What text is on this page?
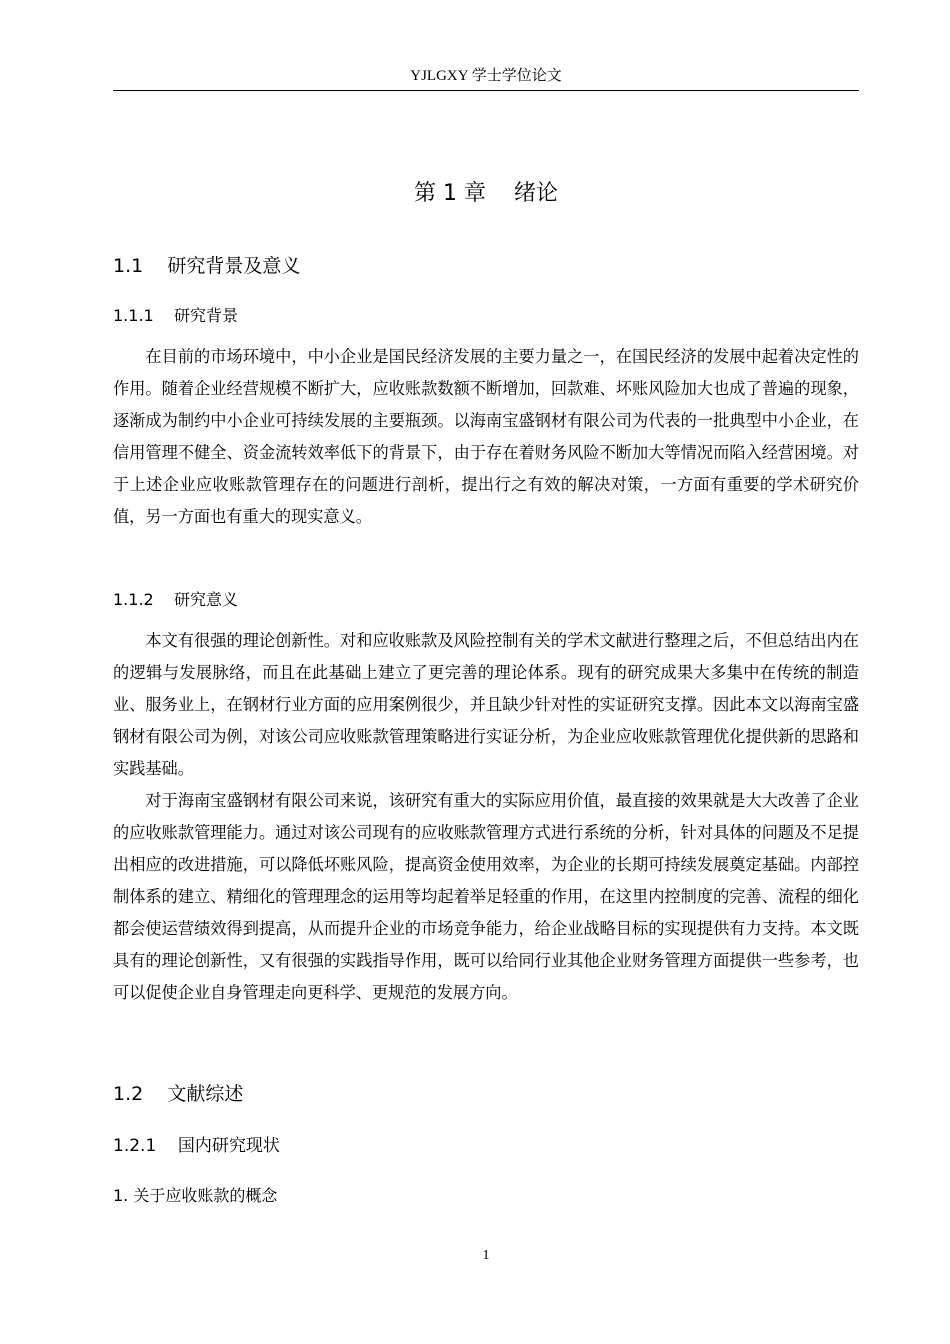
YJLGXY 学士学位论文
第 1 章    绪论
1.1    研究背景及意义
1.1.1    研究背景

在目前的市场环境中，中小企业是国民经济发展的主要力量之一，在国民经济的发展中起着决定性的作用。随着企业经营规模不断扩大，应收账款数额不断增加，回款难、坏账风险加大也成了普遍的现象，逐渐成为制约中小企业可持续发展的主要瓶颈。以海南宝盛钢材有限公司为代表的一批典型中小企业，在信用管理不健全、资金流转效率低下的背景下，由于存在着财务风险不断加大等情况而陷入经营困境。对于上述企业应收账款管理存在的问题进行剖析，提出行之有效的解决对策，一方面有重要的学术研究价值，另一方面也有重大的现实意义。

1.1.2    研究意义

本文有很强的理论创新性。对和应收账款及风险控制有关的学术文献进行整理之后，不但总结出内在的逻辑与发展脉络，而且在此基础上建立了更完善的理论体系。现有的研究成果大多集中在传统的制造业、服务业上，在钢材行业方面的应用案例很少，并且缺少针对性的实证研究支撑。因此本文以海南宝盛钢材有限公司为例，对该公司应收账款管理策略进行实证分析，为企业应收账款管理优化提供新的思路和实践基础。

对于海南宝盛钢材有限公司来说，该研究有重大的实际应用价值，最直接的效果就是大大改善了企业的应收账款管理能力。通过对该公司现有的应收账款管理方式进行系统的分析，针对具体的问题及不足提出相应的改进措施，可以降低坏账风险，提高资金使用效率，为企业的长期可持续发展奠定基础。内部控制体系的建立、精细化的管理理念的运用等均起着举足轻重的作用，在这里内控制度的完善、流程的细化都会使运营绩效得到提高，从而提升企业的市场竞争能力，给企业战略目标的实现提供有力支持。本文既具有的理论创新性，又有很强的实践指导作用，既可以给同行业其他企业财务管理方面提供一些参考，也可以促使企业自身管理走向更科学、更规范的发展方向。

1.2    文献综述
1.2.1    国内研究现状
1. 关于应收账款的概念
1
